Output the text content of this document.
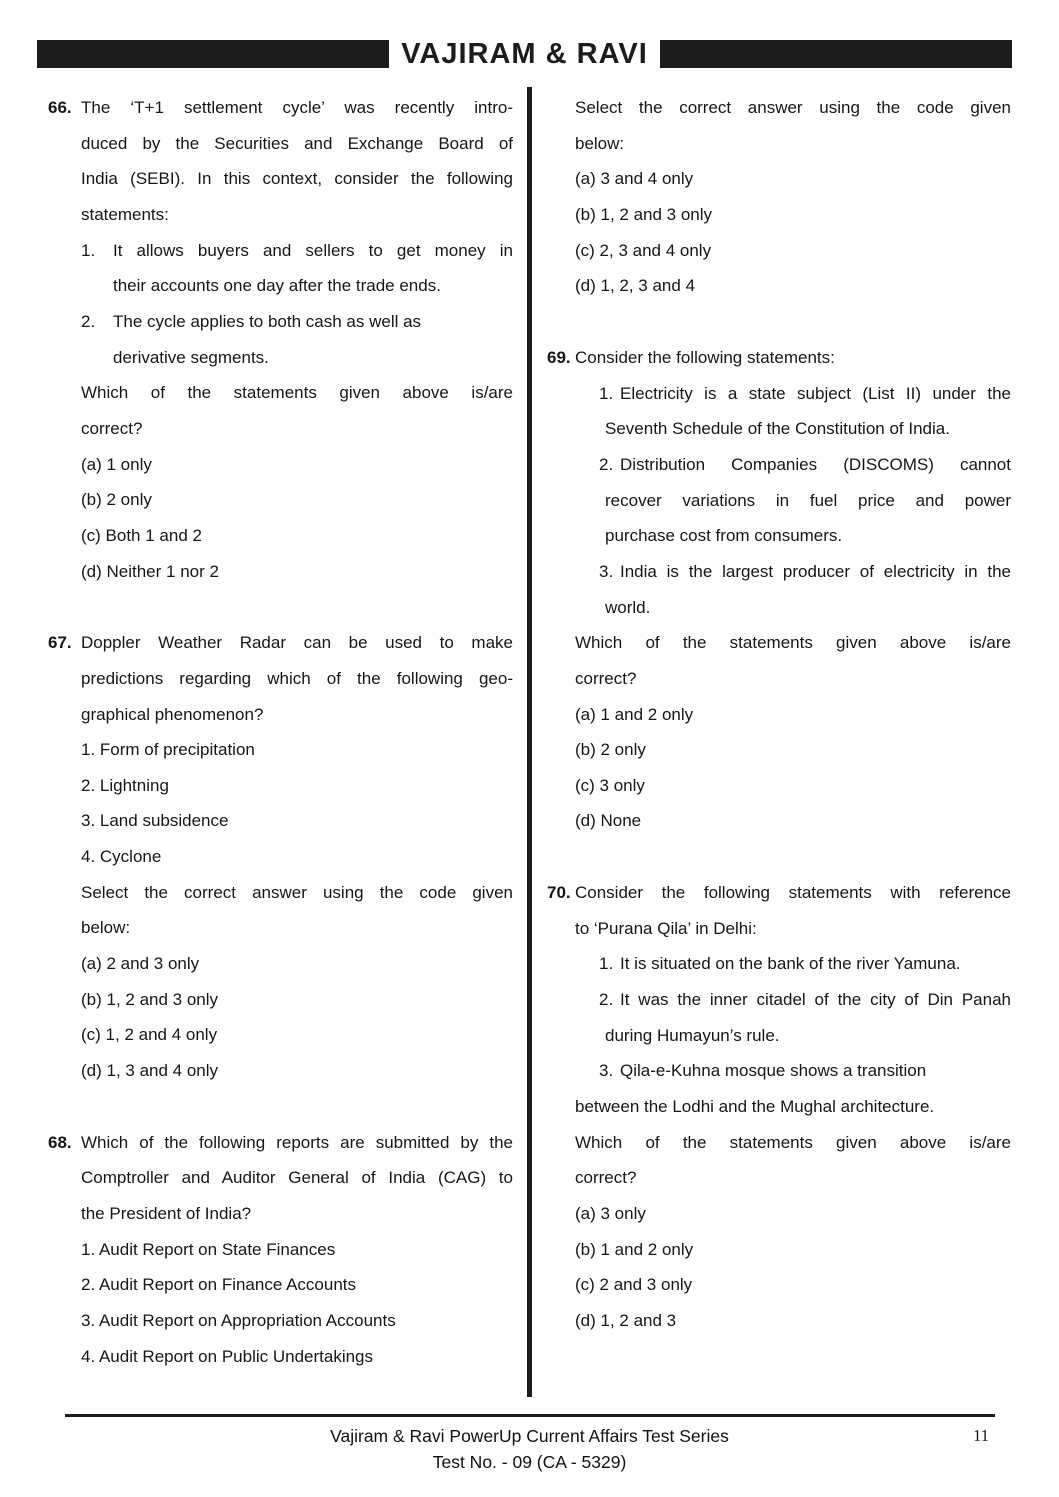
VAJIRAM & RAVI
66. The ‘T+1 settlement cycle’ was recently intro-
duced by the Securities and Exchange Board of
India (SEBI). In this context, consider the following
statements:
1. It allows buyers and sellers to get money in
their accounts one day after the trade ends.
2. The cycle applies to both cash as well as
derivative segments.
Which of the statements given above is/are
correct?
(a) 1 only
(b) 2 only
(c) Both 1 and 2
(d) Neither 1 nor 2
67. Doppler Weather Radar can be used to make
predictions regarding which of the following geo-
graphical phenomenon?
1. Form of precipitation
2. Lightning
3. Land subsidence
4. Cyclone
Select the correct answer using the code given
below:
(a) 2 and 3 only
(b) 1, 2 and 3 only
(c) 1, 2 and 4 only
(d) 1, 3 and 4 only
68. Which of the following reports are submitted by the
Comptroller and Auditor General of India (CAG) to
the President of India?
1. Audit Report on State Finances
2. Audit Report on Finance Accounts
3. Audit Report on Appropriation Accounts
4. Audit Report on Public Undertakings
Select the correct answer using the code given
below:
(a) 3 and 4 only
(b) 1, 2 and 3 only
(c) 2, 3 and 4 only
(d) 1, 2, 3 and 4
69. Consider the following statements:
1. Electricity is a state subject (List II) under the
Seventh Schedule of the Constitution of India.
2. Distribution Companies (DISCOMS) cannot
recover variations in fuel price and power
purchase cost from consumers.
3. India is the largest producer of electricity in the
world.
Which of the statements given above is/are
correct?
(a) 1 and 2 only
(b) 2 only
(c) 3 only
(d) None
70. Consider the following statements with reference
to ‘Purana Qila’ in Delhi:
1. It is situated on the bank of the river Yamuna.
2. It was the inner citadel of the city of Din Panah
during Humayun’s rule.
3. Qila-e-Kuhna mosque shows a transition
between the Lodhi and the Mughal architecture.
Which of the statements given above is/are
correct?
(a) 3 only
(b) 1 and 2 only
(c) 2 and 3 only
(d) 1, 2 and 3
Vajiram & Ravi PowerUp Current Affairs Test Series
Test No. - 09 (CA - 5329)
11
